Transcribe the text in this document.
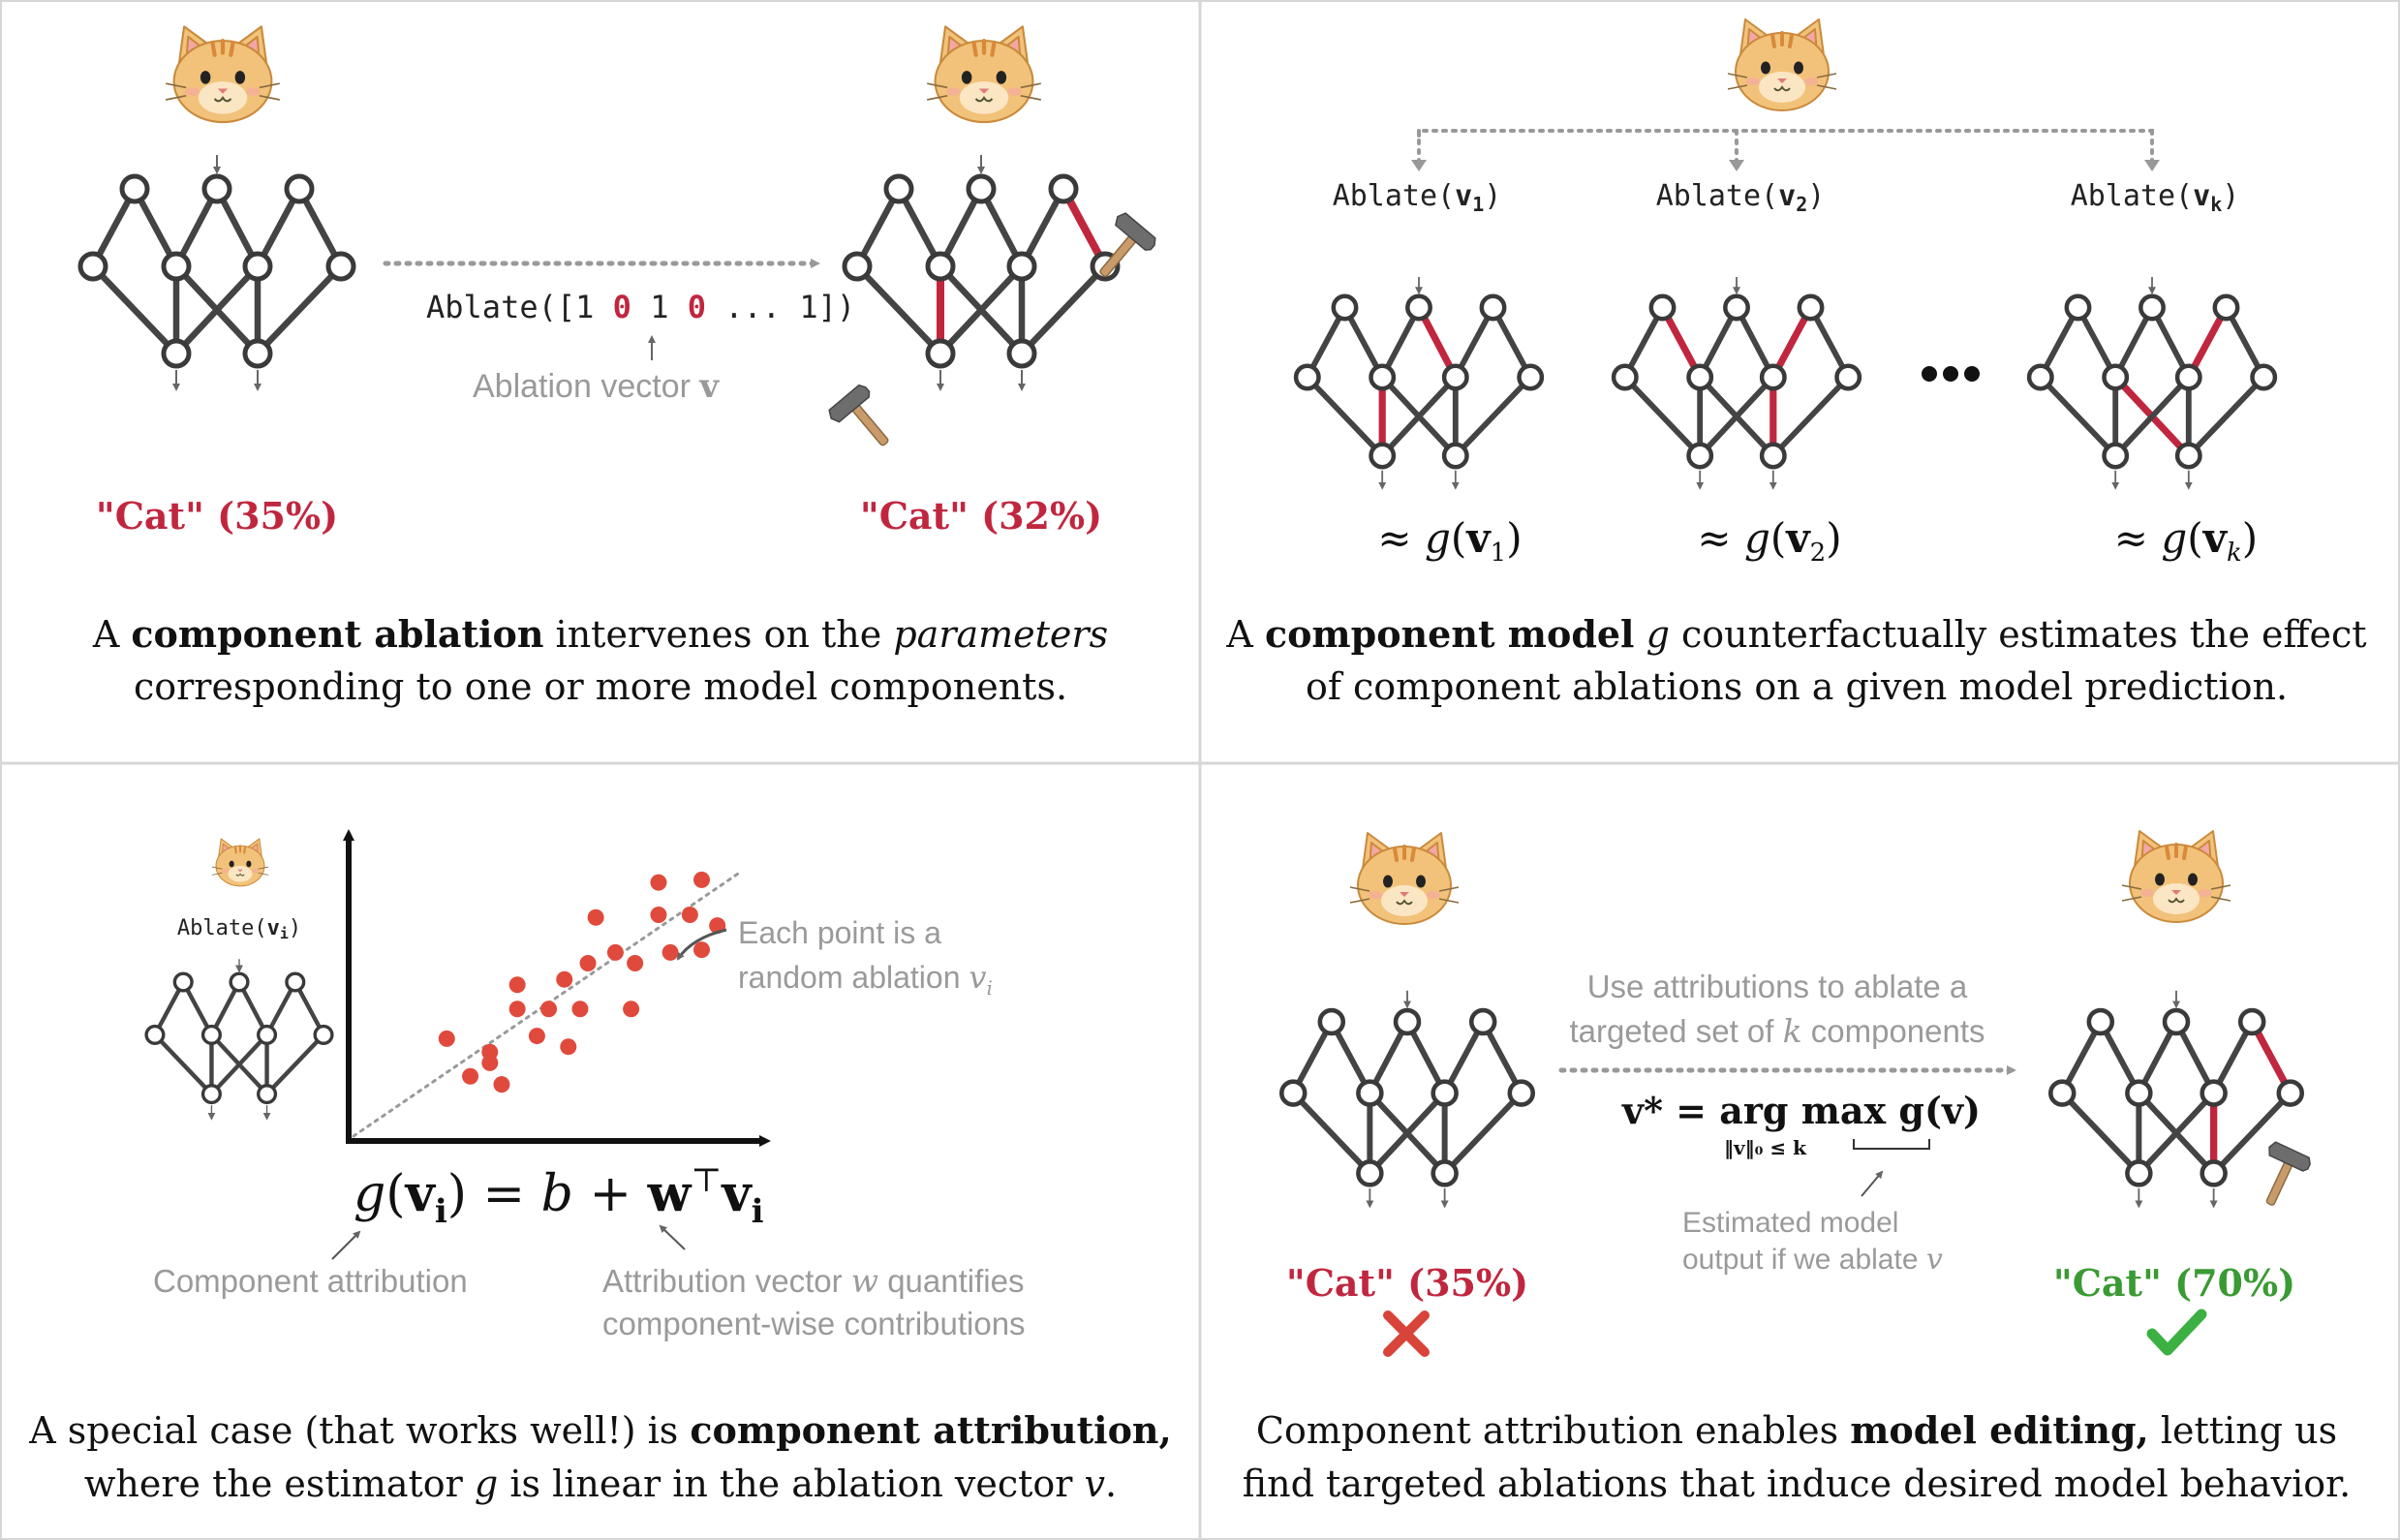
Ablate([1 0 1 0 ... 1])
Ablation vector v
"Cat" (35%)	"Cat" (32%)
A component ablation intervenes on the parameters
corresponding to one or more model components.
$Ablate(v_1)$	$Ablate(v_2)$	$Ablate(v_k)$
≈ $g(v_1)$	≈ $g(v_2)$	≈ $g(v_k)$
A component model g counterfactually estimates the effect
of component ablations on a given model prediction.
Ablate(vi)	Each point is a
random ablation $v_i$
$g(v_i) = b + w^⊤v_i$
Component attribution	Attribution vector w quantifies
component-wise contributions
A special case (that works well!) is component attribution,
where the estimator g is linear in the ablation vector v.
Use attributions to ablate a
targeted set of k components
v* = arg max g(v)
‖v‖₀ ≤ k
Estimated model
output if we ablate v
"Cat" (35%)	"Cat" (70%)
Component attribution enables model editing, letting us
find targeted ablations that induce desired model behavior.
